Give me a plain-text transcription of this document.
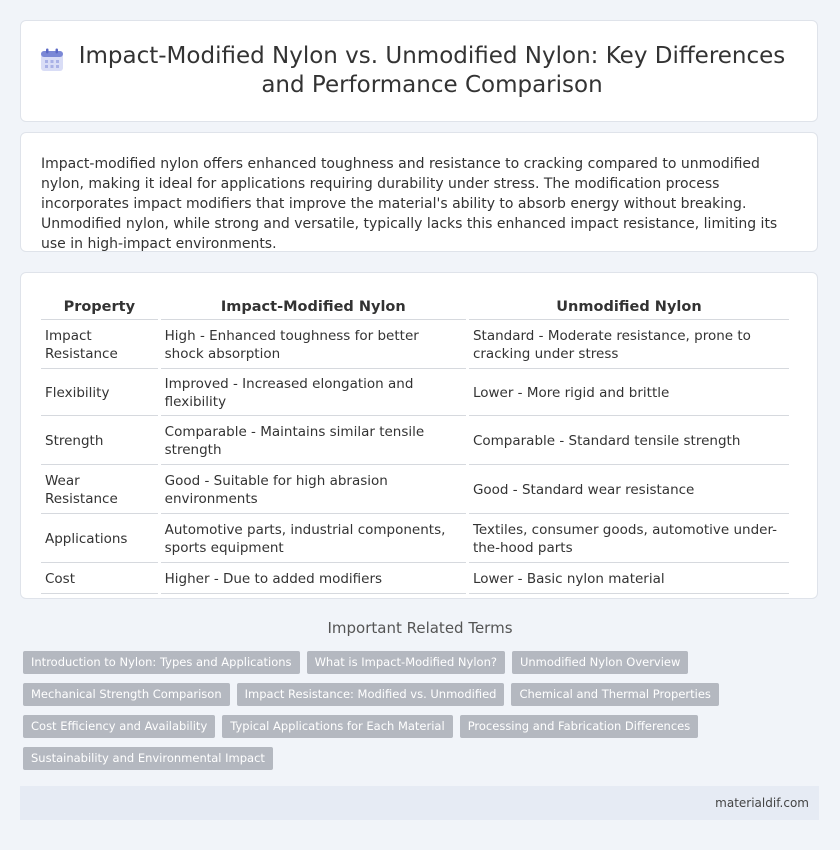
Impact-Modified Nylon vs. Unmodified Nylon: Key Differences and Performance Comparison

Impact-modified nylon offers enhanced toughness and resistance to cracking compared to unmodified nylon, making it ideal for applications requiring durability under stress. The modification process incorporates impact modifiers that improve the material's ability to absorb energy without breaking. Unmodified nylon, while strong and versatile, typically lacks this enhanced impact resistance, limiting its use in high-impact environments.

Property	Impact-Modified Nylon	Unmodified Nylon
Impact Resistance	High - Enhanced toughness for better shock absorption	Standard - Moderate resistance, prone to cracking under stress
Flexibility	Improved - Increased elongation and flexibility	Lower - More rigid and brittle
Strength	Comparable - Maintains similar tensile strength	Comparable - Standard tensile strength
Wear Resistance	Good - Suitable for high abrasion environments	Good - Standard wear resistance
Applications	Automotive parts, industrial components, sports equipment	Textiles, consumer goods, automotive under-the-hood parts
Cost	Higher - Due to added modifiers	Lower - Basic nylon material
Important Related Terms
Introduction to Nylon: Types and Applications	What is Impact-Modified Nylon?	Unmodified Nylon Overview
Mechanical Strength Comparison	Impact Resistance: Modified vs. Unmodified	Chemical and Thermal Properties
Cost Efficiency and Availability	Typical Applications for Each Material	Processing and Fabrication Differences
Sustainability and Environmental Impact
materialdif.com
